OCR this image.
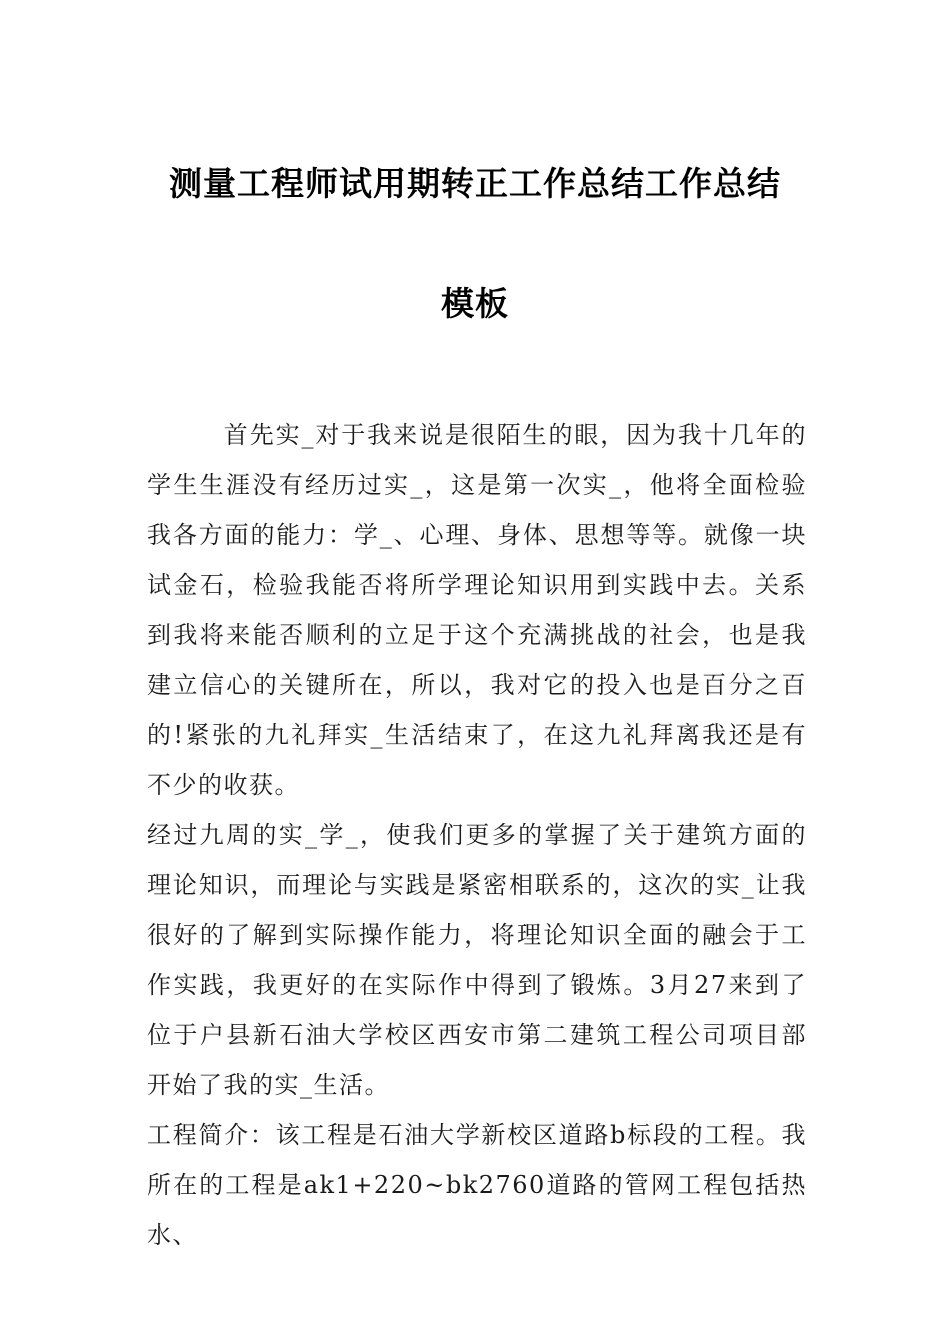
测量工程师试用期转正工作总结工作总结
模板

首先实_对于我来说是很陌生的眼，因为我十几年的学生生涯没有经历过实_，这是第一次实_，他将全面检验我各方面的能力：学_、心理、身体、思想等等。就像一块试金石，检验我能否将所学理论知识用到实践中去。关系到我将来能否顺利的立足于这个充满挑战的社会，也是我建立信心的关键所在，所以，我对它的投入也是百分之百的!紧张的九礼拜实_生活结束了，在这九礼拜离我还是有不少的收获。

经过九周的实_学_，使我们更多的掌握了关于建筑方面的理论知识，而理论与实践是紧密相联系的，这次的实_让我很好的了解到实际操作能力，将理论知识全面的融会于工作实践，我更好的在实际作中得到了锻炼。3月27来到了位于户县新石油大学校区西安市第二建筑工程公司项目部开始了我的实_生活。

工程简介：该工程是石油大学新校区道路b标段的工程。我所在的工程是ak1+220~bk2760道路的管网工程包括热水、
